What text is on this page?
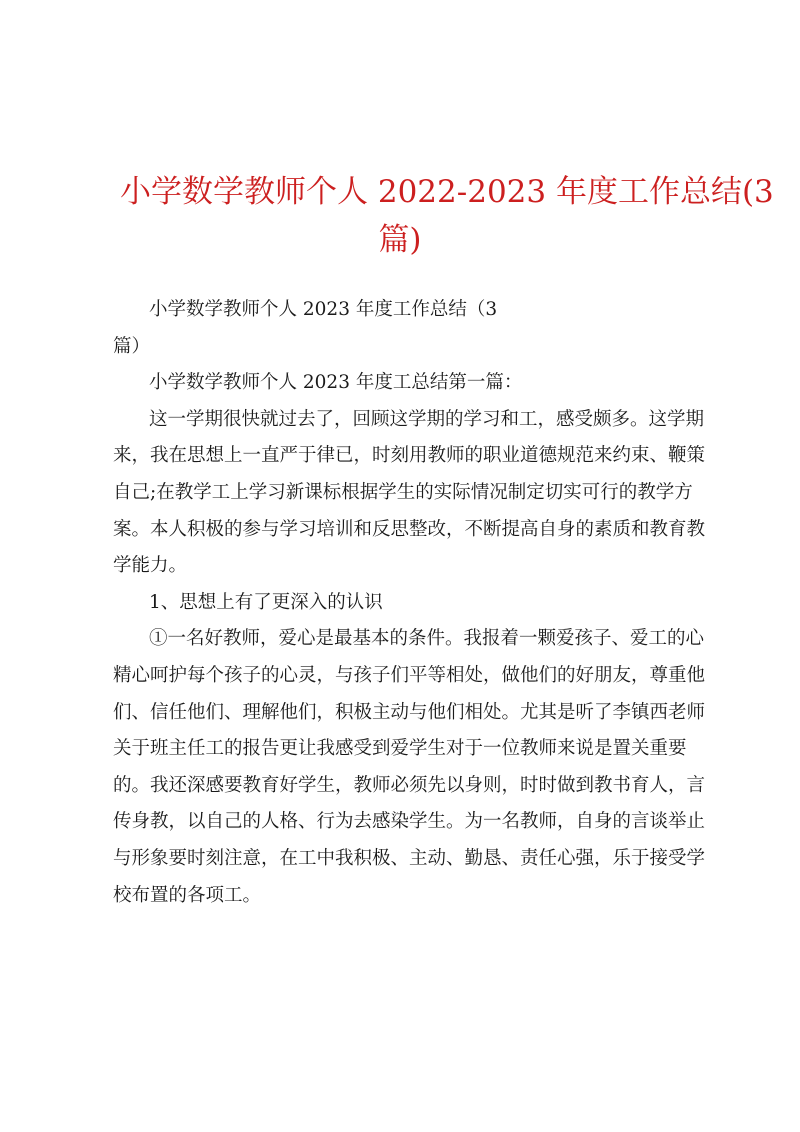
小学数学教师个人 2022-2023 年度工作总结(3
篇)
小学数学教师个人 2023 年度工作总结（3
篇）
小学数学教师个人 2023 年度工总结第一篇：
这一学期很快就过去了，回顾这学期的学习和工，感受颇多。这学期
来，我在思想上一直严于律已，时刻用教师的职业道德规范来约束、鞭策
自己;在教学工上学习新课标根据学生的实际情况制定切实可行的教学方
案。本人积极的参与学习培训和反思整改，不断提高自身的素质和教育教
学能力。
1、思想上有了更深入的认识
①一名好教师，爱心是最基本的条件。我报着一颗爱孩子、爱工的心
精心呵护每个孩子的心灵，与孩子们平等相处，做他们的好朋友，尊重他
们、信任他们、理解他们，积极主动与他们相处。尤其是听了李镇西老师
关于班主任工的报告更让我感受到爱学生对于一位教师来说是置关重要
的。我还深感要教育好学生，教师必须先以身则，时时做到教书育人，言
传身教，以自己的人格、行为去感染学生。为一名教师，自身的言谈举止
与形象要时刻注意，在工中我积极、主动、勤恳、责任心强，乐于接受学
校布置的各项工。
